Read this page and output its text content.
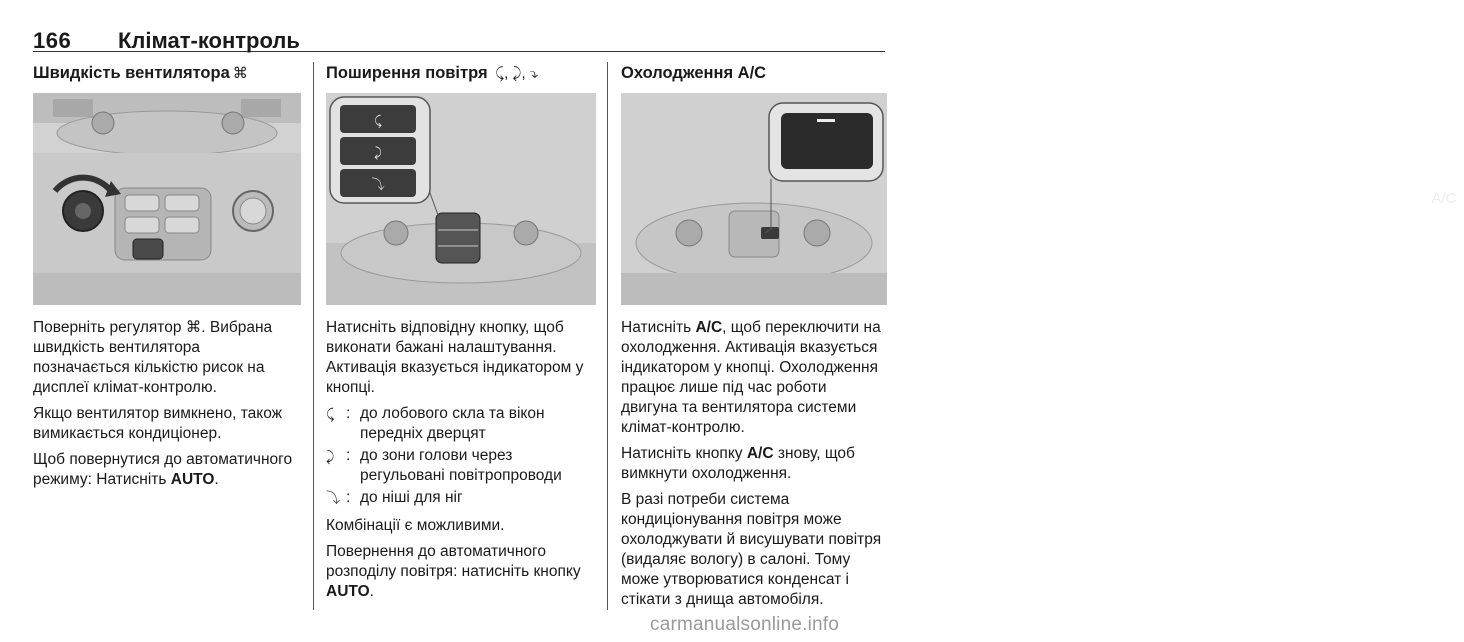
166 Клімат-контроль
Швидкість вентилятора ⌘

Поверніть регулятор ⌘. Вибрана швидкість вентилятора позначається кількістю рисок на дисплеї клімат-контролю.

Якщо вентилятор вимкнено, також вимикається кондиціонер.

Щоб повернутися до автоматичного режиму: Натисніть AUTO.

Поширення повітря ⤹, ⤸, ⤵
⤹
⤸
⤵

Натисніть відповідну кнопку, щоб виконати бажані налаштування. Активація вказується індикатором у кнопці.

⤹ : до лобового скла та вікон передніх дверцят
⤸ : до зони голови через регульовані повітропроводи
⤵ : до ніші для ніг

Комбінації є можливими.

Повернення до автоматичного розподілу повітря: натисніть кнопку AUTO.

Охолодження A/C
A/C

Натисніть A/C, щоб переключити на охолодження. Активація вказується індикатором у кнопці. Охолодження працює лише під час роботи двигуна та вентилятора системи клімат-контролю.

Натисніть кнопку A/C знову, щоб вимкнути охолодження.

В разі потреби система кондиціонування повітря може охолоджувати й висушувати повітря (видаляє вологу) в салоні. Тому може утворюватися конденсат і стікати з днища автомобіля.

carmanualsonline.info
